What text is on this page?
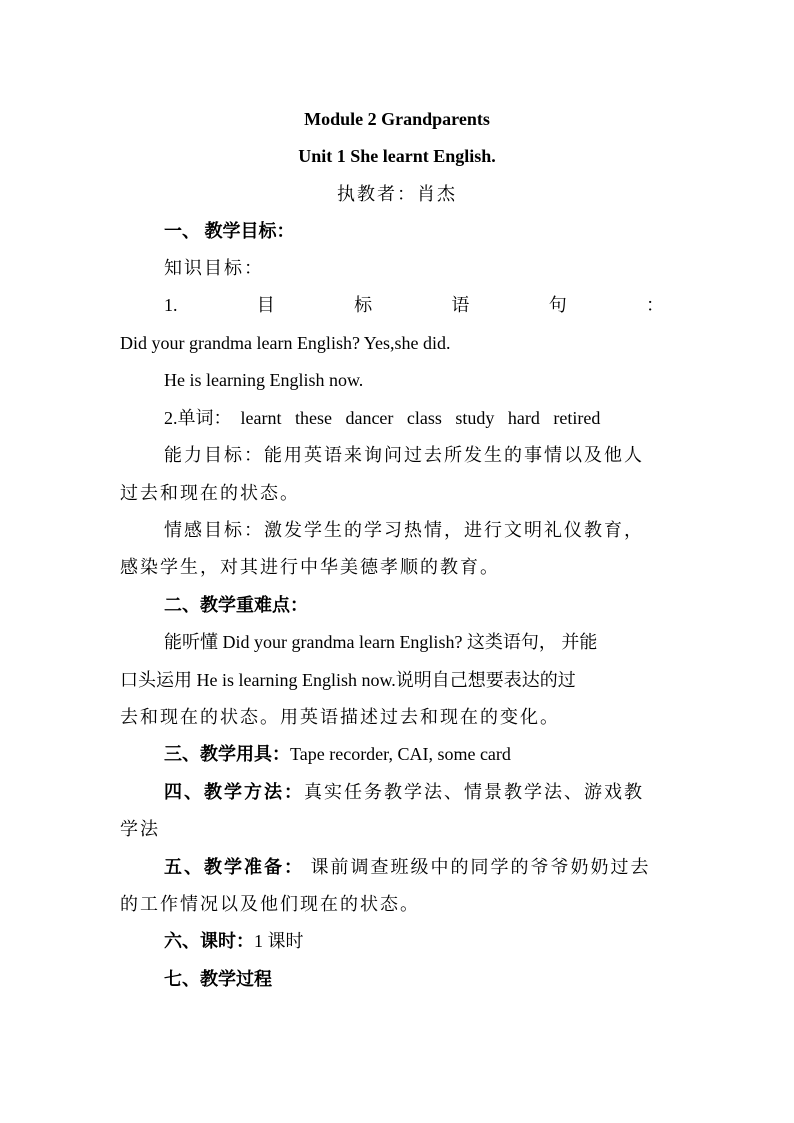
Module 2 Grandparents
Unit 1 She learnt English.
执教者：肖杰
一、 教学目标：
知识目标：
1.	目	标	语	句	：
Did your grandma learn English? Yes,she did.
He is learning English now.
2.单词：  learnt   these   dancer   class   study   hard   retired
能力目标：能用英语来询问过去所发生的事情以及他人
过去和现在的状态。
情感目标：激发学生的学习热情，进行文明礼仪教育，
感染学生，对其进行中华美德孝顺的教育。
二、教学重难点：
能听懂 Did your grandma learn English? 这类语句， 并能
口头运用 He is learning English now.说明自己想要表达的过
去和现在的状态。用英语描述过去和现在的变化。
三、教学用具：Tape recorder, CAI, some card
四、教学方法：真实任务教学法、情景教学法、游戏教
学法
五、教学准备： 课前调查班级中的同学的爷爷奶奶过去
的工作情况以及他们现在的状态。
六、课时：1 课时
七、教学过程
